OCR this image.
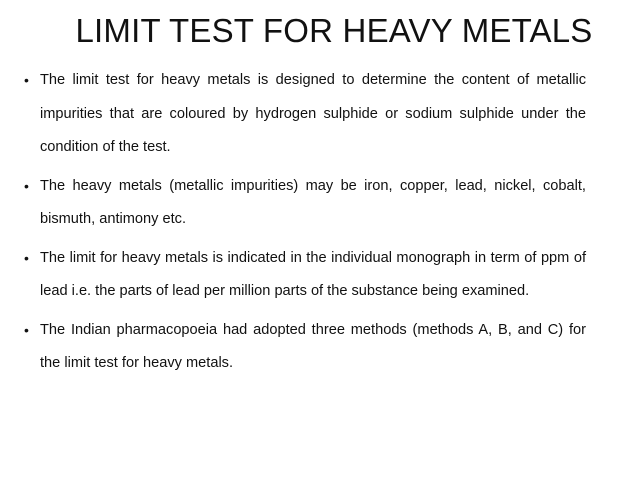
LIMIT TEST FOR HEAVY METALS
• The limit test for heavy metals is designed to determine the content of metallic impurities that are coloured by hydrogen sulphide or sodium sulphide under the condition of the test.
• The heavy metals (metallic impurities) may be iron, copper, lead, nickel, cobalt, bismuth, antimony etc.
• The limit for heavy metals is indicated in the individual monograph in term of ppm of lead i.e. the parts of lead per million parts of the substance being examined.
• The Indian pharmacopoeia had adopted three methods (methods A, B, and C) for the limit test for heavy metals.
